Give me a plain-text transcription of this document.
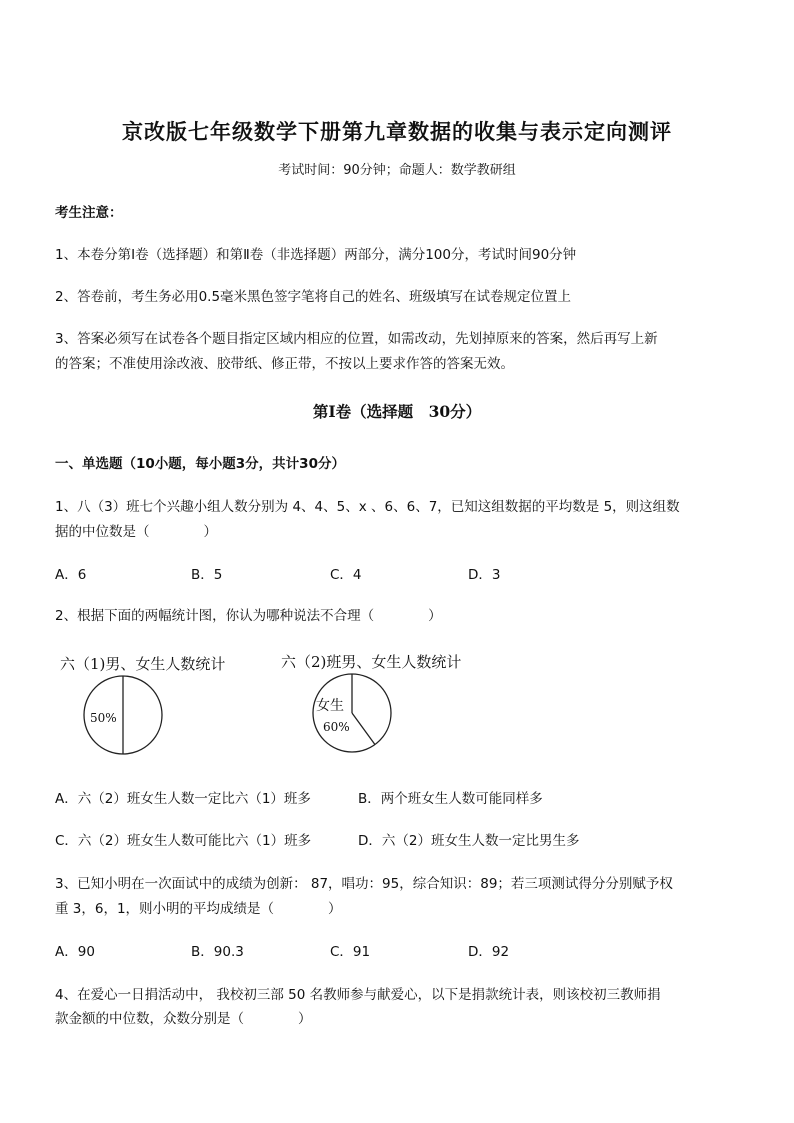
京改版七年级数学下册第九章数据的收集与表示定向测评
考试时间：90分钟；命题人：数学教研组
考生注意：
1、本卷分第Ⅰ卷（选择题）和第Ⅱ卷（非选择题）两部分，满分100分，考试时间90分钟
2、答卷前，考生务必用0.5毫米黑色签字笔将自己的姓名、班级填写在试卷规定位置上
3、答案必须写在试卷各个题目指定区域内相应的位置，如需改动，先划掉原来的答案，然后再写上新
的答案；不准使用涂改液、胶带纸、修正带，不按以上要求作答的答案无效。
第Ⅰ卷（选择题　30分）
一、单选题（10小题，每小题3分，共计30分）
1、八（3）班七个兴趣小组人数分别为 4、4、5、x 、6、6、7，已知这组数据的平均数是 5，则这组数
据的中位数是（　　　　）
A．6	B．5	C．4	D．3
2、根据下面的两幅统计图，你认为哪种说法不合理（　　　　）
六（1)男、女生人数统计	六（2)班男、女生人数统计
50%
女生
60%
A．六（2）班女生人数一定比六（1）班多	B．两个班女生人数可能同样多
C．六（2）班女生人数可能比六（1）班多	D．六（2）班女生人数一定比男生多
3、已知小明在一次面试中的成绩为创新： 87，唱功：95，综合知识：89；若三项测试得分分别赋予权
重 3，6，1，则小明的平均成绩是（　　　　）
A．90	B．90.3	C．91	D．92
4、在爱心一日捐活动中， 我校初三部 50 名教师参与献爱心，以下是捐款统计表，则该校初三教师捐
款金额的中位数，众数分别是（　　　　）
